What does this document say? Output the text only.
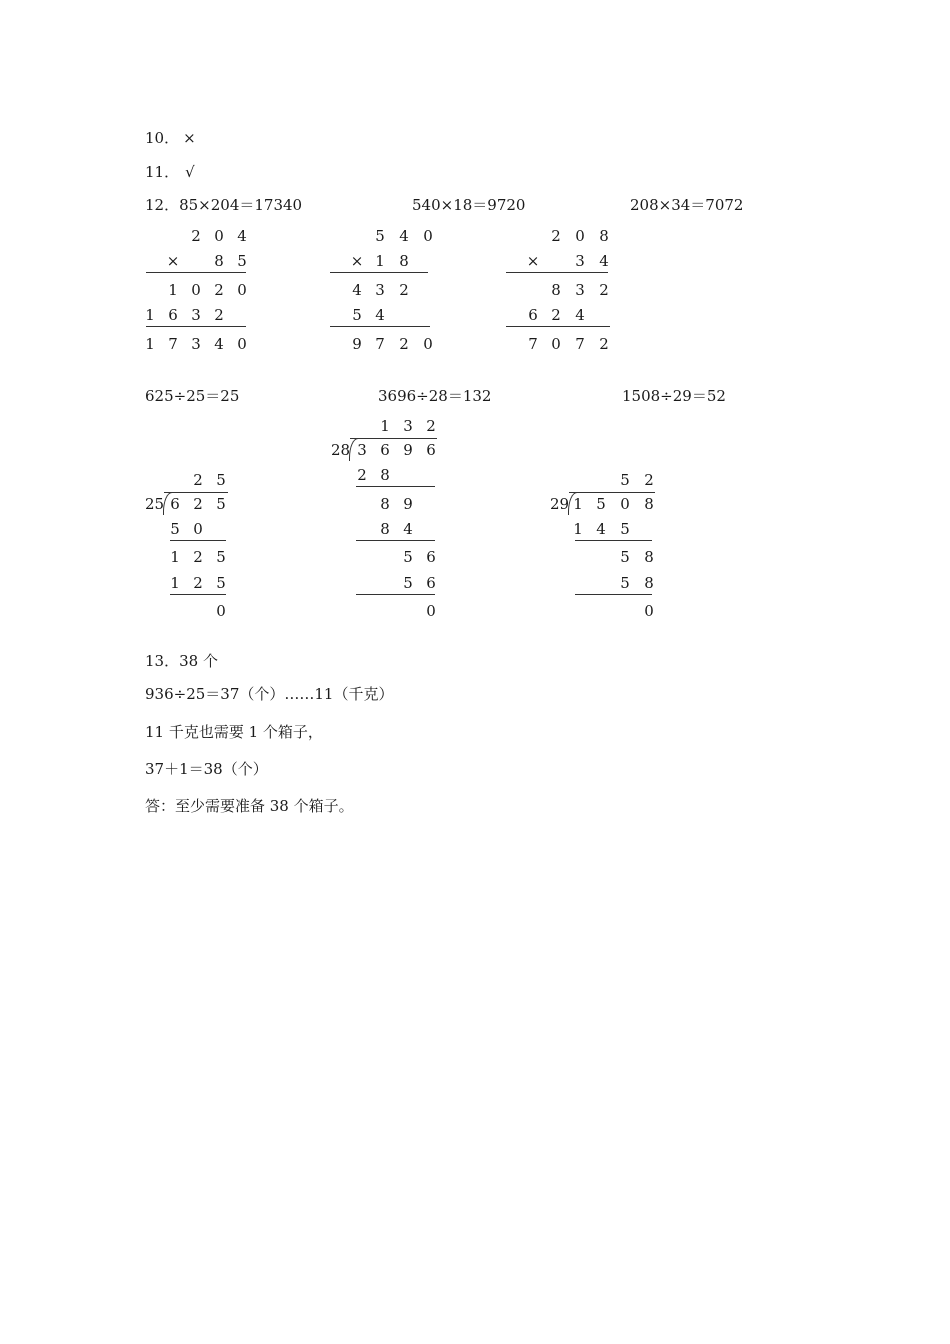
10． ×
11． √
12．85×204＝17340	540×18＝9720	208×34＝7072
2 0 4
×	8 5
1 0 2 0
1 6 3 2
1 7 3 4 0
5 4 0
× 1 8
4 3 2
5 4
9 7 2 0
2 0 8
×	3 4
8 3 2
6 2 4
7 0 7 2
625÷25＝25	3696÷28＝132	1508÷29＝52
2 5
25 6 2 5
5 0
1 2 5
1 2 5
0
1 3 2
28 3 6 9 6
2 8
8 9
8 4
5 6
5 6
0
5 2
29 1 5 0 8
1 4 5
5 8
5 8
0
13．38 个
936÷25＝37（个）……11（千克）
11 千克也需要 1 个箱子，
37＋1＝38（个）
答：至少需要准备 38 个箱子。
